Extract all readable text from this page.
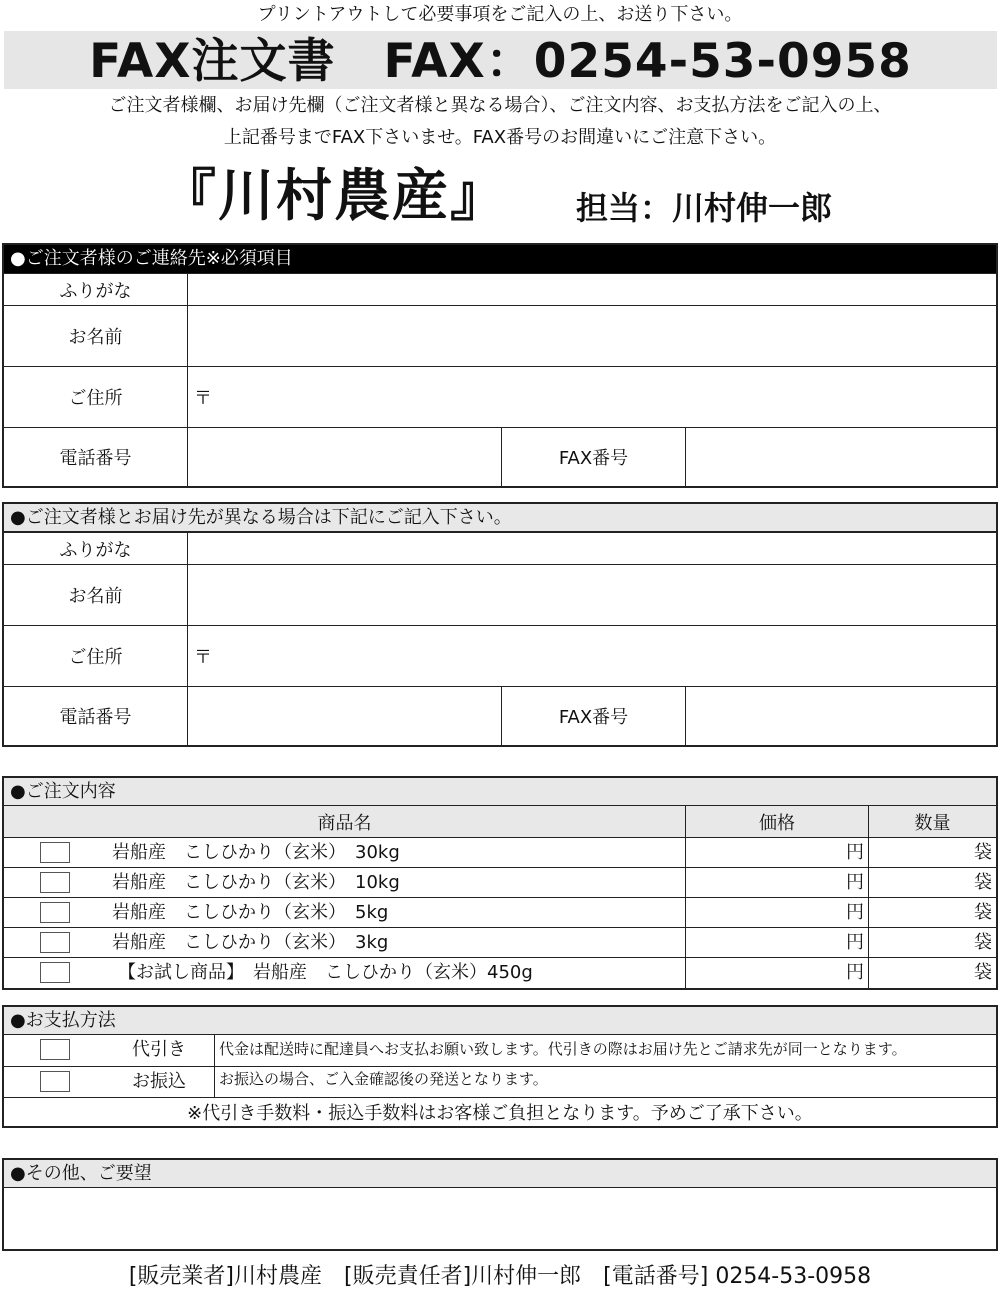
プリントアウトして必要事項をご記入の上、お送り下さい。
FAX注文書　FAX：0254-53-0958
ご注文者様欄、お届け先欄（ご注文者様と異なる場合）、ご注文内容、お支払方法をご記入の上、
上記番号までFAX下さいませ。FAX番号のお間違いにご注意下さい。
『川村農産』 担当：川村伸一郎
●ご注文者様のご連絡先※必須項目
ふりがな
お名前
ご住所	〒
電話番号	FAX番号
●ご注文者様とお届け先が異なる場合は下記にご記入下さい。
ふりがな
お名前
ご住所	〒
電話番号	FAX番号
●ご注文内容
商品名	価格	数量
岩船産　こしひかり（玄米）　30kg	円	袋
岩船産　こしひかり（玄米）　10kg	円	袋
岩船産　こしひかり（玄米）　5kg	円	袋
岩船産　こしひかり（玄米）　3kg	円	袋
【お試し商品】　岩船産　こしひかり（玄米）450g	円	袋
●お支払方法
代引き	代金は配送時に配達員へお支払お願い致します。代引きの際はお届け先とご請求先が同一となります。
お振込	お振込の場合、ご入金確認後の発送となります。
※代引き手数料・振込手数料はお客様ご負担となります。予めご了承下さい。
●その他、ご要望
[販売業者]川村農産　[販売責任者]川村伸一郎　[電話番号] 0254-53-0958
